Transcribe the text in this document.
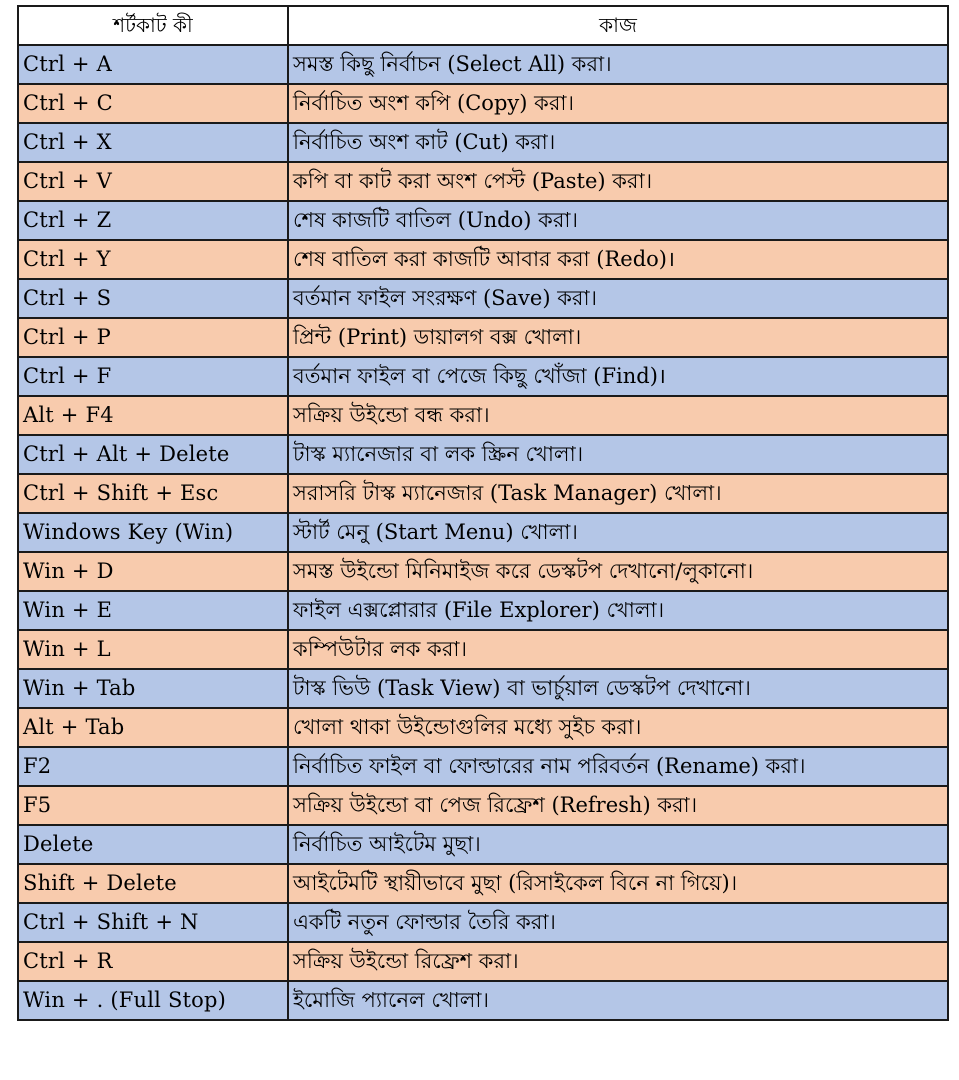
শর্টকাট কী	কাজ
Ctrl + A	সমস্ত কিছু নির্বাচন (Select All) করা।
Ctrl + C	নির্বাচিত অংশ কপি (Copy) করা।
Ctrl + X	নির্বাচিত অংশ কাট (Cut) করা।
Ctrl + V	কপি বা কাট করা অংশ পেস্ট (Paste) করা।
Ctrl + Z	শেষ কাজটি বাতিল (Undo) করা।
Ctrl + Y	শেষ বাতিল করা কাজটি আবার করা (Redo)।
Ctrl + S	বর্তমান ফাইল সংরক্ষণ (Save) করা।
Ctrl + P	প্রিন্ট (Print) ডায়ালগ বক্স খোলা।
Ctrl + F	বর্তমান ফাইল বা পেজে কিছু খোঁজা (Find)।
Alt + F4	সক্রিয় উইন্ডো বন্ধ করা।
Ctrl + Alt + Delete	টাস্ক ম্যানেজার বা লক স্ক্রিন খোলা।
Ctrl + Shift + Esc	সরাসরি টাস্ক ম্যানেজার (Task Manager) খোলা।
Windows Key (Win)	স্টার্ট মেনু (Start Menu) খোলা।
Win + D	সমস্ত উইন্ডো মিনিমাইজ করে ডেস্কটপ দেখানো/লুকানো।
Win + E	ফাইল এক্সপ্লোরার (File Explorer) খোলা।
Win + L	কম্পিউটার লক করা।
Win + Tab	টাস্ক ভিউ (Task View) বা ভার্চুয়াল ডেস্কটপ দেখানো।
Alt + Tab	খোলা থাকা উইন্ডোগুলির মধ্যে সুইচ করা।
F2	নির্বাচিত ফাইল বা ফোল্ডারের নাম পরিবর্তন (Rename) করা।
F5	সক্রিয় উইন্ডো বা পেজ রিফ্রেশ (Refresh) করা।
Delete	নির্বাচিত আইটেম মুছা।
Shift + Delete	আইটেমটি স্থায়ীভাবে মুছা (রিসাইকেল বিনে না গিয়ে)।
Ctrl + Shift + N	একটি নতুন ফোল্ডার তৈরি করা।
Ctrl + R	সক্রিয় উইন্ডো রিফ্রেশ করা।
Win + . (Full Stop)	ইমোজি প্যানেল খোলা।
